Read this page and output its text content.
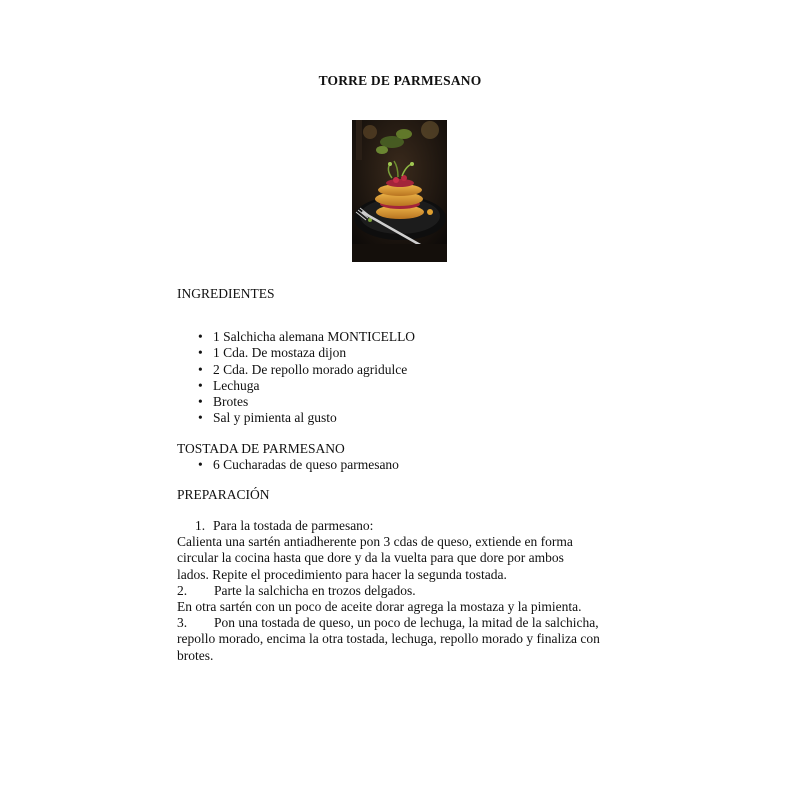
TORRE DE PARMESANO
INGREDIENTES
• 1 Salchicha alemana MONTICELLO
• 1 Cda. De mostaza dijon
• 2 Cda. De repollo morado agridulce
• Lechuga
• Brotes
• Sal y pimienta al gusto
TOSTADA DE PARMESANO
• 6 Cucharadas de queso parmesano
PREPARACIÓN
1. Para la tostada de parmesano:
Calienta una sartén antiadherente pon 3 cdas de queso, extiende en forma
circular la cocina hasta que dore y da la vuelta para que dore por ambos
lados. Repite el procedimiento para hacer la segunda tostada.
2. Parte la salchicha en trozos delgados.
En otra sartén con un poco de aceite dorar agrega la mostaza y la pimienta.
3. Pon una tostada de queso, un poco de lechuga, la mitad de la salchicha,
repollo morado, encima la otra tostada, lechuga, repollo morado y finaliza con
brotes.
